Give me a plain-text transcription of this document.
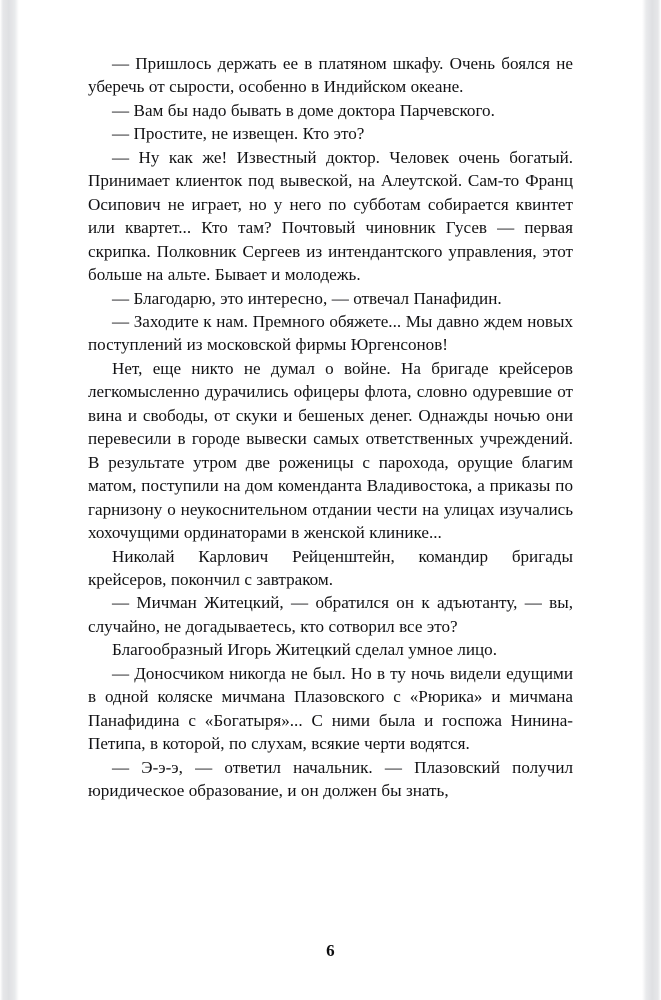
— Пришлось держать ее в платяном шкафу. Очень боялся не уберечь от сырости, особенно в Индийском океане.

— Вам бы надо бывать в доме доктора Парчевского.

— Простите, не извещен. Кто это?

— Ну как же! Известный доктор. Человек очень богатый. Принимает клиенток под вывеской, на Алеутской. Сам-то Франц Осипович не играет, но у него по субботам собирается квинтет или квартет... Кто там? Почтовый чиновник Гусев — первая скрипка. Полковник Сергеев из интендантского управления, этот больше на альте. Бывает и молодежь.

— Благодарю, это интересно, — отвечал Панафидин.

— Заходите к нам. Премного обяжете... Мы давно ждем новых поступлений из московской фирмы Юргенсонов!

Нет, еще никто не думал о войне. На бригаде крейсеров легкомысленно дурачились офицеры флота, словно одуревшие от вина и свободы, от скуки и бешеных денег. Однажды ночью они перевесили в городе вывески самых ответственных учреждений. В результате утром две роженицы с парохода, орущие благим матом, поступили на дом коменданта Владивостока, а приказы по гарнизону о неукоснительном отдании чести на улицах изучались хохочущими ординаторами в женской клинике...

Николай Карлович Рейценштейн, командир бригады крейсеров, покончил с завтраком.

— Мичман Житецкий, — обратился он к адъютанту, — вы, случайно, не догадываетесь, кто сотворил все это?

Благообразный Игорь Житецкий сделал умное лицо.

— Доносчиком никогда не был. Но в ту ночь видели едущими в одной коляске мичмана Плазовского с «Рюрика» и мичмана Панафидина с «Богатыря»... С ними была и госпожа Нинина-Петипа, в которой, по слухам, всякие черти водятся.

— Э-э-э, — ответил начальник. — Плазовский получил юридическое образование, и он должен бы знать,

6
